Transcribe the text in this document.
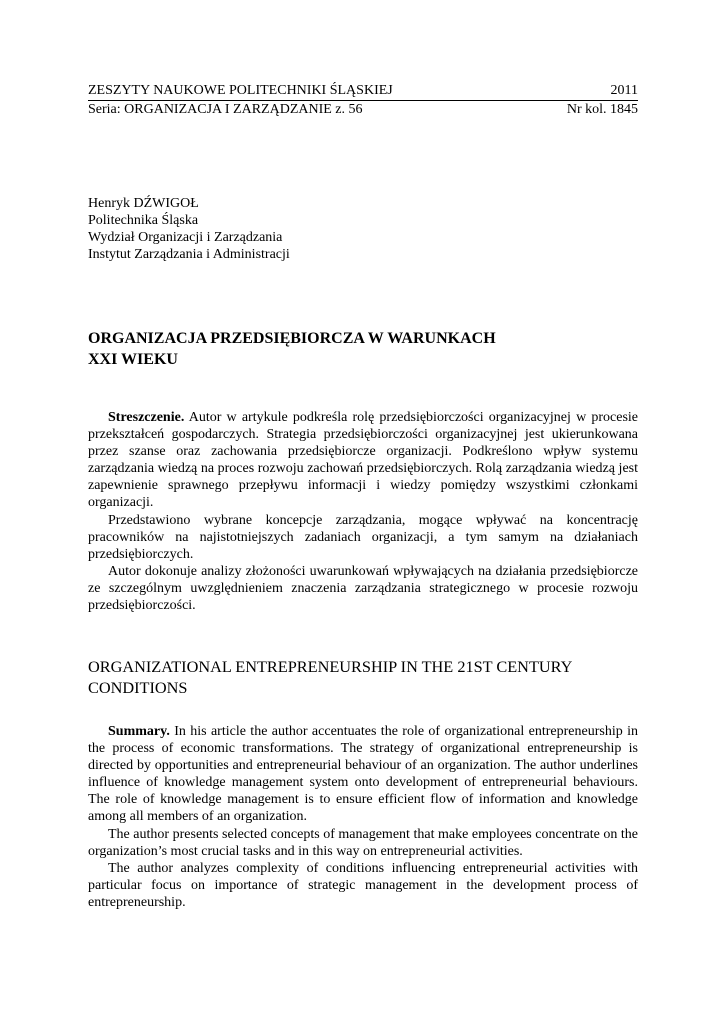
ZESZYTY NAUKOWE POLITECHNIKI ŚLĄSKIEJ	2011
Seria: ORGANIZACJA I ZARZĄDZANIE z. 56	Nr kol. 1845
Henryk DŹWIGOŁ
Politechnika Śląska
Wydział Organizacji i Zarządzania
Instytut Zarządzania i Administracji
ORGANIZACJA PRZEDSIĘBIORCZA W WARUNKACH
XXI WIEKU

Streszczenie. Autor w artykule podkreśla rolę przedsiębiorczości organizacyjnej w procesie przekształceń gospodarczych. Strategia przedsiębiorczości organizacyjnej jest ukierunkowana przez szanse oraz zachowania przedsiębiorcze organizacji. Podkreślono wpływ systemu zarządzania wiedzą na proces rozwoju zachowań przedsiębiorczych. Rolą zarządzania wiedzą jest zapewnienie sprawnego przepływu informacji i wiedzy pomiędzy wszystkimi członkami organizacji.

Przedstawiono wybrane koncepcje zarządzania, mogące wpływać na koncentrację pracowników na najistotniejszych zadaniach organizacji, a tym samym na działaniach przedsiębiorczych.

Autor dokonuje analizy złożoności uwarunkowań wpływających na działania przedsiębiorcze ze szczególnym uwzględnieniem znaczenia zarządzania strategicznego w procesie rozwoju przedsiębiorczości.

ORGANIZATIONAL ENTREPRENEURSHIP IN THE 21ST CENTURY
CONDITIONS

Summary. In his article the author accentuates the role of organizational entrepreneurship in the process of economic transformations. The strategy of organizational entrepreneurship is directed by opportunities and entrepreneurial behaviour of an organization. The author underlines influence of knowledge management system onto development of entrepreneurial behaviours. The role of knowledge management is to ensure efficient flow of information and knowledge among all members of an organization.

The author presents selected concepts of management that make employees concentrate on the organization’s most crucial tasks and in this way on entrepreneurial activities.

The author analyzes complexity of conditions influencing entrepreneurial activities with particular focus on importance of strategic management in the development process of entrepreneurship.
